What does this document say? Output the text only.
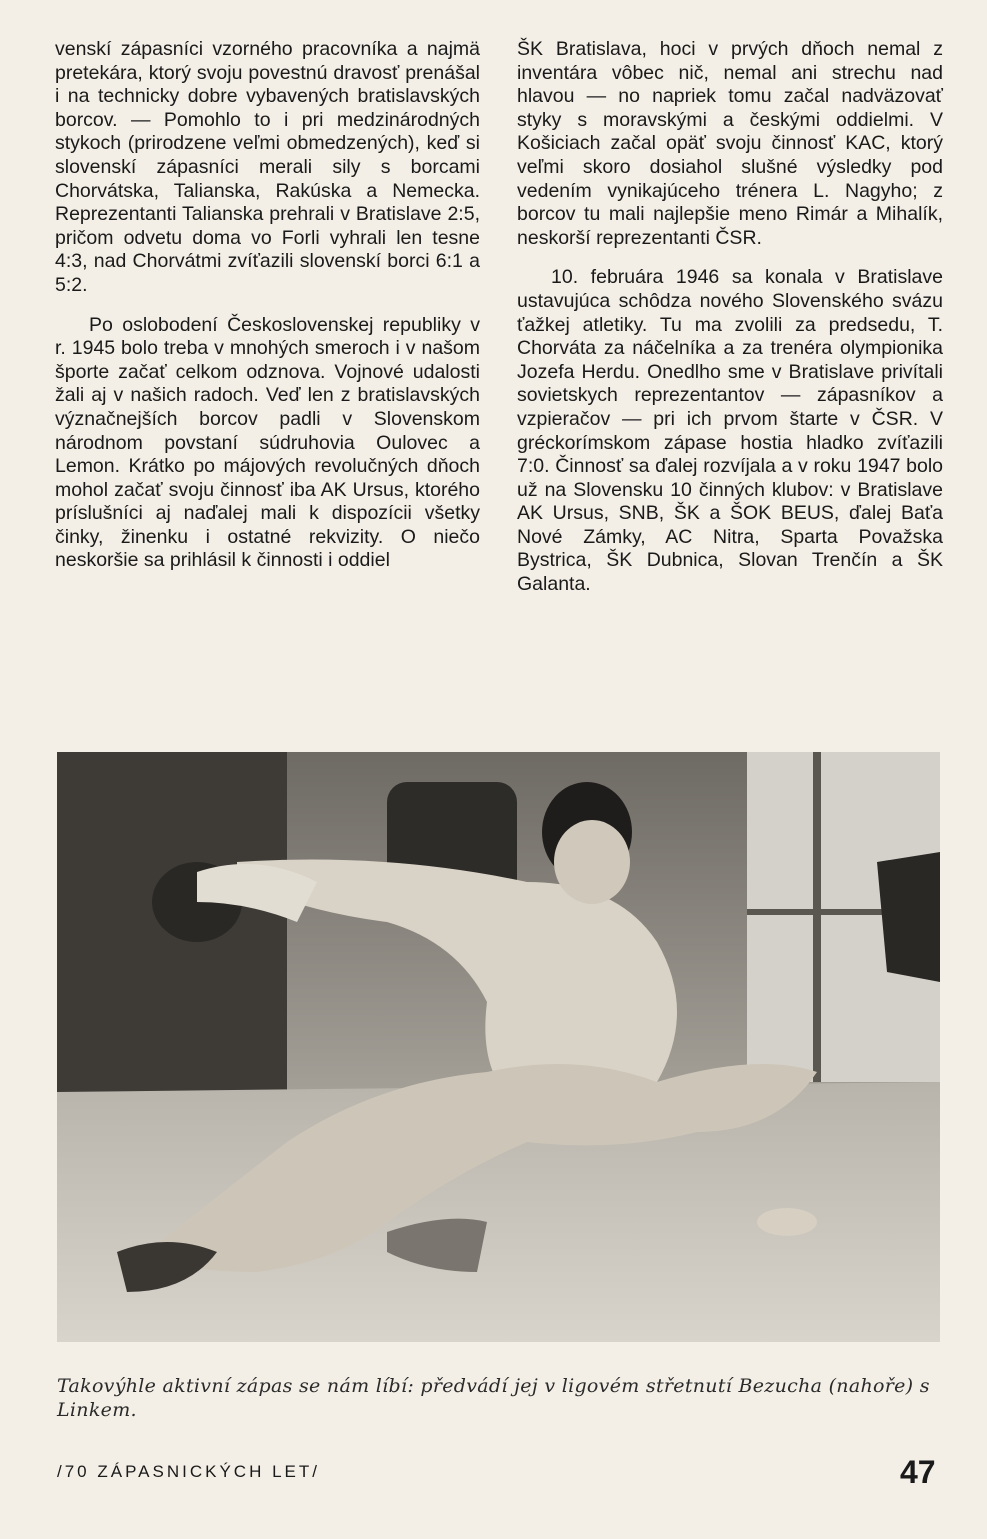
venskí zápasníci vzorného pracovníka a najmä pretekára, ktorý svoju povestnú dravosť prenášal i na technicky dobre vybavených bratislavských borcov. — Pomohlo to i pri medzinárodných stykoch (prirodzene veľmi obmedzených), keď si slovenskí zápasníci merali sily s borcami Chorvátska, Talianska, Rakúska a Nemecka. Reprezentanti Talianska prehrali v Bratislave 2:5, pričom odvetu doma vo Forli vyhrali len tesne 4:3, nad Chorvátmi zvíťazili slovenskí borci 6:1 a 5:2.

Po oslobodení Československej republiky v r. 1945 bolo treba v mnohých smeroch i v našom športe začať celkom odznova. Vojnové udalosti žali aj v našich radoch. Veď len z bratislavských význačnejších borcov padli v Slovenskom národnom povstaní súdruhovia Oulovec a Lemon. Krátko po májových revolučných dňoch mohol začať svoju činnosť iba AK Ursus, ktorého príslušníci aj naďalej mali k dispozícii všetky činky, žinenku i ostatné rekvizity. O niečo neskoršie sa prihlásil k činnosti i oddiel

ŠK Bratislava, hoci v prvých dňoch nemal z inventára vôbec nič, nemal ani strechu nad hlavou — no napriek tomu začal nadväzovať styky s moravskými a českými oddielmi. V Košiciach začal opäť svoju činnosť KAC, ktorý veľmi skoro dosiahol slušné výsledky pod vedením vynikajúceho trénera L. Nagyho; z borcov tu mali najlepšie meno Rimár a Mihalík, neskorší reprezentanti ČSR.

10. februára 1946 sa konala v Bratislave ustavujúca schôdza nového Slovenského svázu ťažkej atletiky. Tu ma zvolili za predsedu, T. Chorváta za náčelníka a za trenéra olympionika Jozefa Herdu. Onedlho sme v Bratislave privítali sovietskych reprezentantov — zápasníkov a vzpieračov — pri ich prvom štarte v ČSR. V gréckorímskom zápase hostia hladko zvíťazili 7:0. Činnosť sa ďalej rozvíjala a v roku 1947 bolo už na Slovensku 10 činných klubov: v Bratislave AK Ursus, SNB, ŠK a ŠOK BEUS, ďalej Baťa Nové Zámky, AC Nitra, Sparta Považska Bystrica, ŠK Dubnica, Slovan Trenčín a ŠK Galanta.

Takovýhle aktivní zápas se nám líbí: předvádí jej v ligovém střetnutí Bezucha (nahoře) s Linkem.
/70 ZÁPASNICKÝCH LET/	47
